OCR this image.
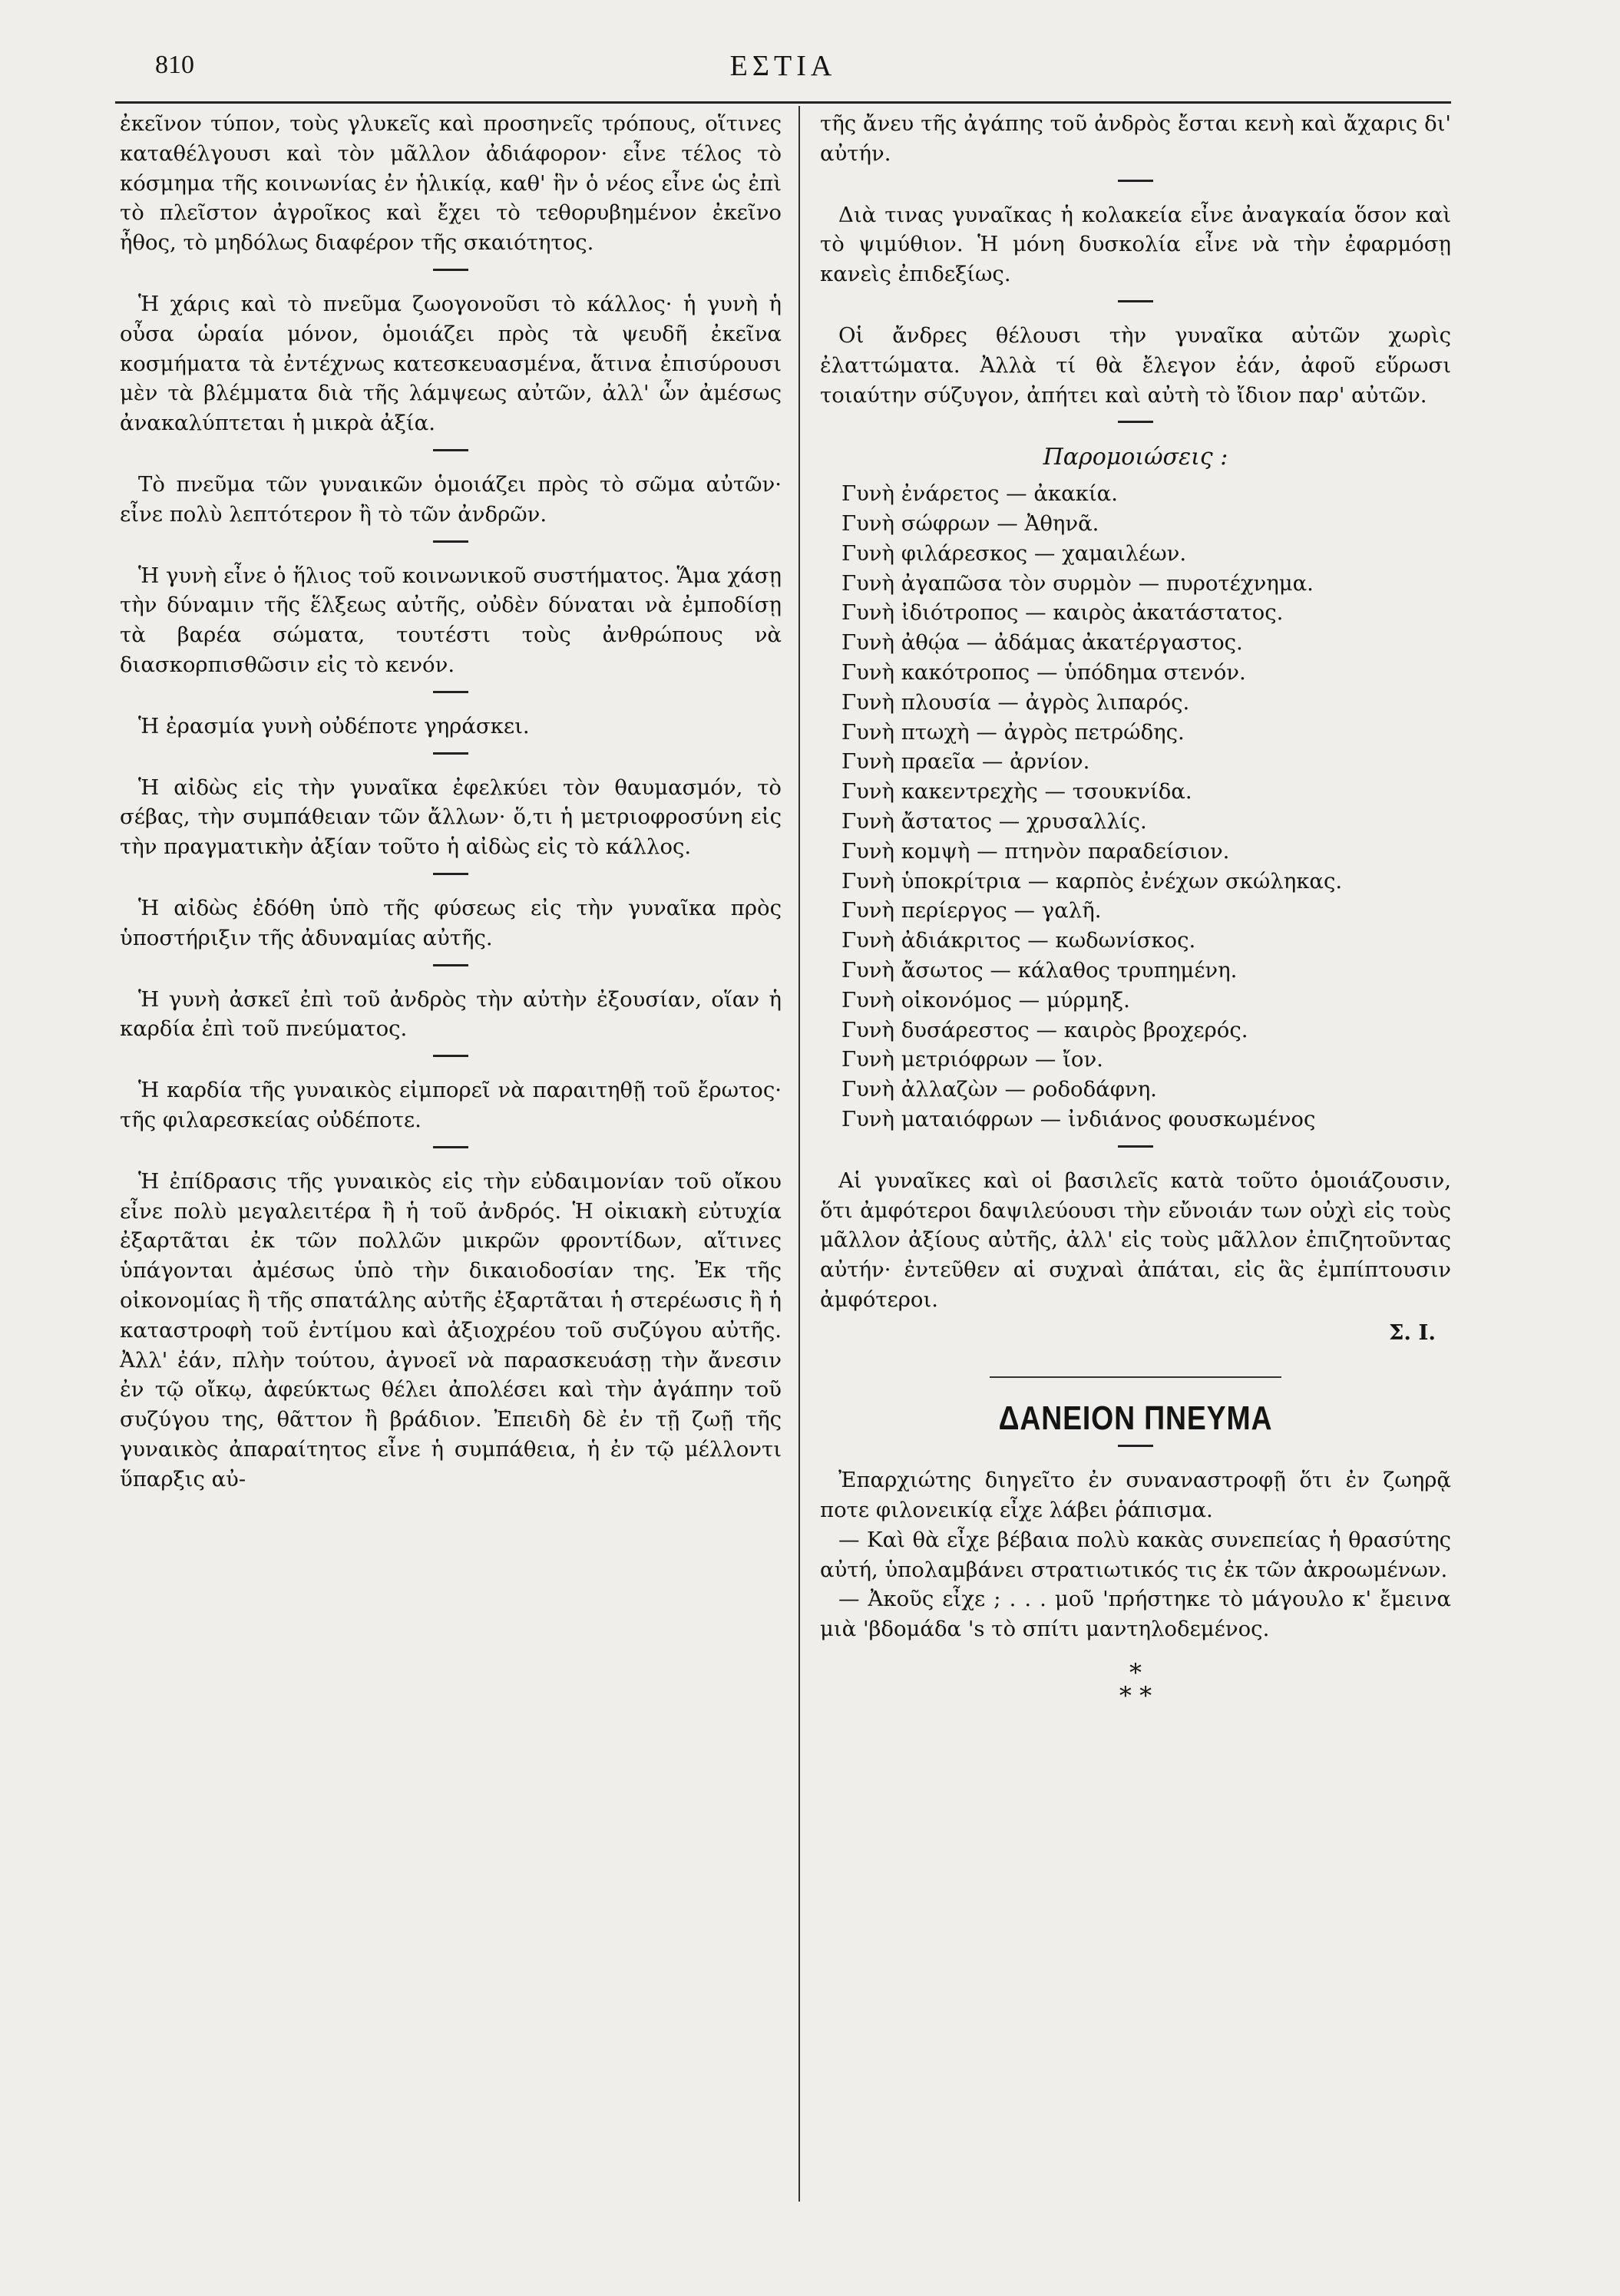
810	ΕΣΤΙΑ

ἐκεῖνον τύπον, τοὺς γλυκεῖς καὶ προσηνεῖς τρόπους, οἵτινες καταθέλγουσι καὶ τὸν μᾶλλον ἀδιάφορον· εἶνε τέλος τὸ κόσμημα τῆς κοινωνίας ἐν ἡλικίᾳ, καθ' ἣν ὁ νέος εἶνε ὡς ἐπὶ τὸ πλεῖστον ἀγροῖκος καὶ ἔχει τὸ τεθορυβημένον ἐκεῖνο ἦθος, τὸ μηδόλως διαφέρον τῆς σκαιότητος.

Ἡ χάρις καὶ τὸ πνεῦμα ζωογονοῦσι τὸ κάλλος· ἡ γυνὴ ἡ οὖσα ὡραία μόνον, ὁμοιάζει πρὸς τὰ ψευδῆ ἐκεῖνα κοσμήματα τὰ ἐντέχνως κατεσκευασμένα, ἅτινα ἐπισύρουσι μὲν τὰ βλέμματα διὰ τῆς λάμψεως αὐτῶν, ἀλλ' ὧν ἀμέσως ἀνακαλύπτεται ἡ μικρὰ ἀξία.

Τὸ πνεῦμα τῶν γυναικῶν ὁμοιάζει πρὸς τὸ σῶμα αὐτῶν· εἶνε πολὺ λεπτότερον ἢ τὸ τῶν ἀνδρῶν.

Ἡ γυνὴ εἶνε ὁ ἥλιος τοῦ κοινωνικοῦ συστήματος. Ἅμα χάσῃ τὴν δύναμιν τῆς ἕλξεως αὐτῆς, οὐδὲν δύναται νὰ ἐμποδίσῃ τὰ βαρέα σώματα, τουτέστι τοὺς ἀνθρώπους νὰ διασκορπισθῶσιν εἰς τὸ κενόν.

Ἡ ἐρασμία γυνὴ οὐδέποτε γηράσκει.

Ἡ αἰδὼς εἰς τὴν γυναῖκα ἐφελκύει τὸν θαυμασμόν, τὸ σέβας, τὴν συμπάθειαν τῶν ἄλλων· ὅ,τι ἡ μετριοφροσύνη εἰς τὴν πραγματικὴν ἀξίαν τοῦτο ἡ αἰδὼς εἰς τὸ κάλλος.

Ἡ αἰδὼς ἐδόθη ὑπὸ τῆς φύσεως εἰς τὴν γυναῖκα πρὸς ὑποστήριξιν τῆς ἀδυναμίας αὐτῆς.

Ἡ γυνὴ ἀσκεῖ ἐπὶ τοῦ ἀνδρὸς τὴν αὐτὴν ἐξουσίαν, οἵαν ἡ καρδία ἐπὶ τοῦ πνεύματος.

Ἡ καρδία τῆς γυναικὸς εἰμπορεῖ νὰ παραιτηθῇ τοῦ ἔρωτος· τῆς φιλαρεσκείας οὐδέποτε.

Ἡ ἐπίδρασις τῆς γυναικὸς εἰς τὴν εὐδαιμονίαν τοῦ οἴκου εἶνε πολὺ μεγαλειτέρα ἢ ἡ τοῦ ἀνδρός. Ἡ οἰκιακὴ εὐτυχία ἐξαρτᾶται ἐκ τῶν πολλῶν μικρῶν φροντίδων, αἵτινες ὑπάγονται ἀμέσως ὑπὸ τὴν δικαιοδοσίαν της. Ἐκ τῆς οἰκονομίας ἢ τῆς σπατάλης αὐτῆς ἐξαρτᾶται ἡ στερέωσις ἢ ἡ καταστροφὴ τοῦ ἐντίμου καὶ ἀξιοχρέου τοῦ συζύγου αὐτῆς. Ἀλλ' ἐάν, πλὴν τούτου, ἀγνοεῖ νὰ παρασκευάσῃ τὴν ἄνεσιν ἐν τῷ οἴκῳ, ἀφεύκτως θέλει ἀπολέσει καὶ τὴν ἀγάπην τοῦ συζύγου της, θᾶττον ἢ βράδιον. Ἐπειδὴ δὲ ἐν τῇ ζωῇ τῆς γυναικὸς ἀπαραίτητος εἶνε ἡ συμπάθεια, ἡ ἐν τῷ μέλλοντι ὕπαρξις αὐ-

τῆς ἄνευ τῆς ἀγάπης τοῦ ἀνδρὸς ἔσται κενὴ καὶ ἄχαρις δι' αὐτήν.

Διὰ τινας γυναῖκας ἡ κολακεία εἶνε ἀναγκαία ὅσον καὶ τὸ ψιμύθιον. Ἡ μόνη δυσκολία εἶνε νὰ τὴν ἐφαρμόσῃ κανεὶς ἐπιδεξίως.

Οἱ ἄνδρες θέλουσι τὴν γυναῖκα αὐτῶν χωρὶς ἐλαττώματα. Ἀλλὰ τί θὰ ἔλεγον ἐάν, ἀφοῦ εὕρωσι τοιαύτην σύζυγον, ἀπήτει καὶ αὐτὴ τὸ ἴδιον παρ' αὐτῶν.

Παρομοιώσεις :
Γυνὴ ἐνάρετος — ἀκακία.
Γυνὴ σώφρων — Ἀθηνᾶ.
Γυνὴ φιλάρεσκος — χαμαιλέων.
Γυνὴ ἀγαπῶσα τὸν συρμὸν — πυροτέχνημα.
Γυνὴ ἰδιότροπος — καιρὸς ἀκατάστατος.
Γυνὴ ἀθῴα — ἀδάμας ἀκατέργαστος.
Γυνὴ κακότροπος — ὑπόδημα στενόν.
Γυνὴ πλουσία — ἀγρὸς λιπαρός.
Γυνὴ πτωχὴ — ἀγρὸς πετρώδης.
Γυνὴ πραεῖα — ἀρνίον.
Γυνὴ κακεντρεχὴς — τσουκνίδα.
Γυνὴ ἄστατος — χρυσαλλίς.
Γυνὴ κομψὴ — πτηνὸν παραδείσιον.
Γυνὴ ὑποκρίτρια — καρπὸς ἐνέχων σκώληκας.
Γυνὴ περίεργος — γαλῆ.
Γυνὴ ἀδιάκριτος — κωδωνίσκος.
Γυνὴ ἄσωτος — κάλαθος τρυπημένη.
Γυνὴ οἰκονόμος — μύρμηξ.
Γυνὴ δυσάρεστος — καιρὸς βροχερός.
Γυνὴ μετριόφρων — ἴον.
Γυνὴ ἀλλαζὼν — ροδοδάφνη.
Γυνὴ ματαιόφρων — ἰνδιάνος φουσκωμένος

Αἱ γυναῖκες καὶ οἱ βασιλεῖς κατὰ τοῦτο ὁμοιάζουσιν, ὅτι ἀμφότεροι δαψιλεύουσι τὴν εὔνοιάν των οὐχὶ εἰς τοὺς μᾶλλον ἀξίους αὐτῆς, ἀλλ' εἰς τοὺς μᾶλλον ἐπιζητοῦντας αὐτήν· ἐντεῦθεν αἱ συχναὶ ἀπάται, εἰς ἃς ἐμπίπτουσιν ἀμφότεροι.

Σ. Ι.
ΔΑΝΕΙΟΝ ΠΝΕΥΜΑ

Ἐπαρχιώτης διηγεῖτο ἐν συναναστροφῇ ὅτι ἐν ζωηρᾷ ποτε φιλονεικίᾳ εἶχε λάβει ῥάπισμα.

— Καὶ θὰ εἶχε βέβαια πολὺ κακὰς συνεπείας ἡ θρασύτης αὐτή, ὑπολαμβάνει στρατιωτικός τις ἐκ τῶν ἀκροωμένων.

— Ἀκοῦς εἶχε ; . . . μοῦ 'πρήστηκε τὸ μάγουλο κ' ἔμεινα μιὰ 'βδομάδα 's τὸ σπίτι μαντηλοδεμένος.

*
* *
